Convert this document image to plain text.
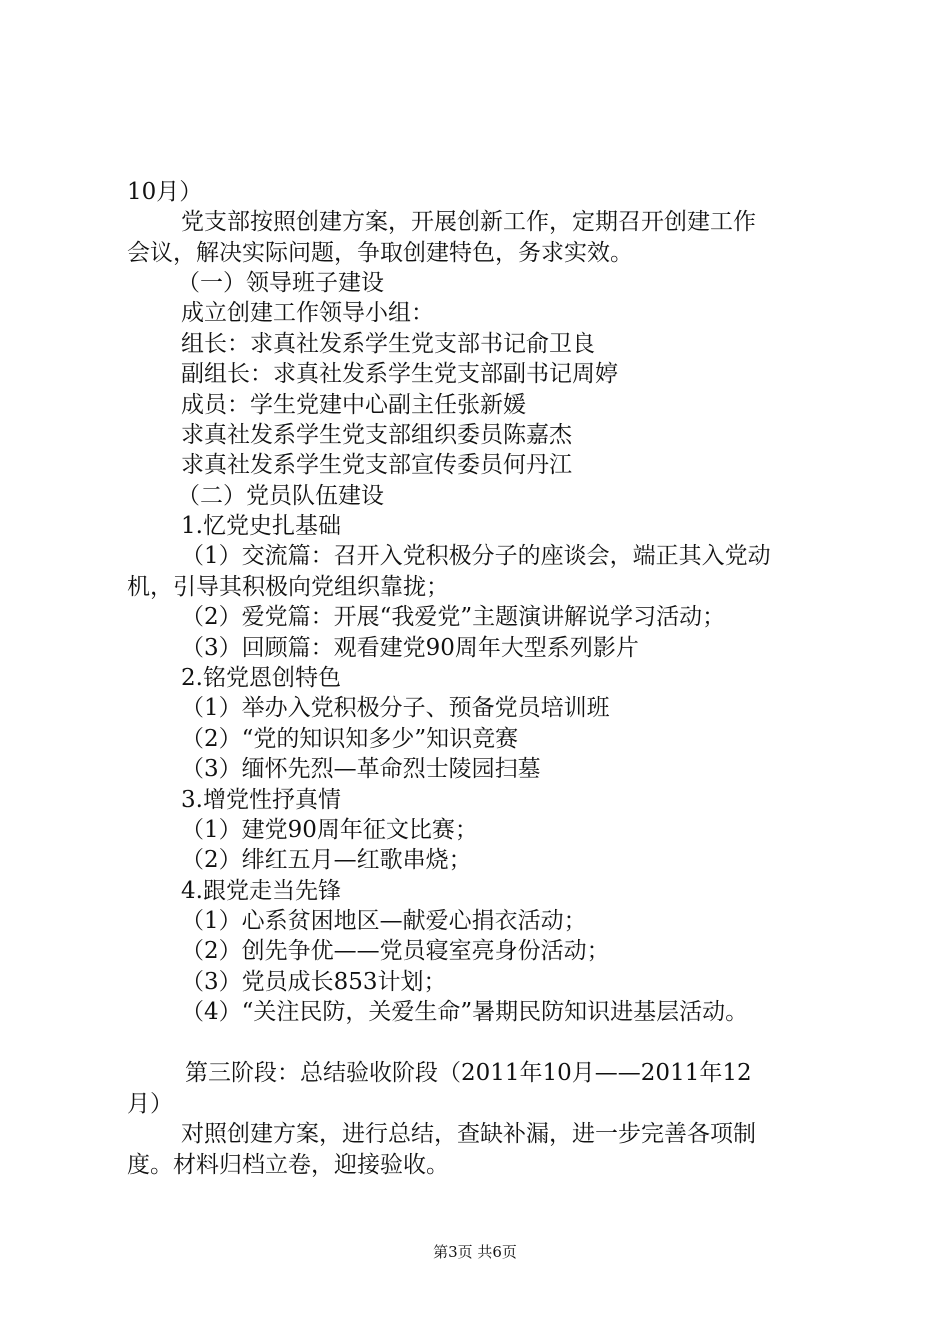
10月）
党支部按照创建方案，开展创新工作，定期召开创建工作
会议，解决实际问题，争取创建特色，务求实效。
（一）领导班子建设
成立创建工作领导小组：
组长：求真社发系学生党支部书记俞卫良
副组长：求真社发系学生党支部副书记周婷
成员：学生党建中心副主任张新媛
求真社发系学生党支部组织委员陈嘉杰
求真社发系学生党支部宣传委员何丹江
（二）党员队伍建设
1.忆党史扎基础
（1）交流篇：召开入党积极分子的座谈会，端正其入党动
机，引导其积极向党组织靠拢；
（2）爱党篇：开展“我爱党”主题演讲解说学习活动；
（3）回顾篇：观看建党90周年大型系列影片
2.铭党恩创特色
（1）举办入党积极分子、预备党员培训班
（2）“党的知识知多少”知识竞赛
（3）缅怀先烈—革命烈士陵园扫墓
3.增党性抒真情
（1）建党90周年征文比赛；
（2）绯红五月—红歌串烧；
4.跟党走当先锋
（1）心系贫困地区—献爱心捐衣活动；
（2）创先争优——党员寝室亮身份活动；
（3）党员成长853计划；
（4）“关注民防，关爱生命”暑期民防知识进基层活动。
第三阶段：总结验收阶段（2011年10月——2011年12
月）
对照创建方案，进行总结，查缺补漏，进一步完善各项制
度。材料归档立卷，迎接验收。
第3页 共6页
